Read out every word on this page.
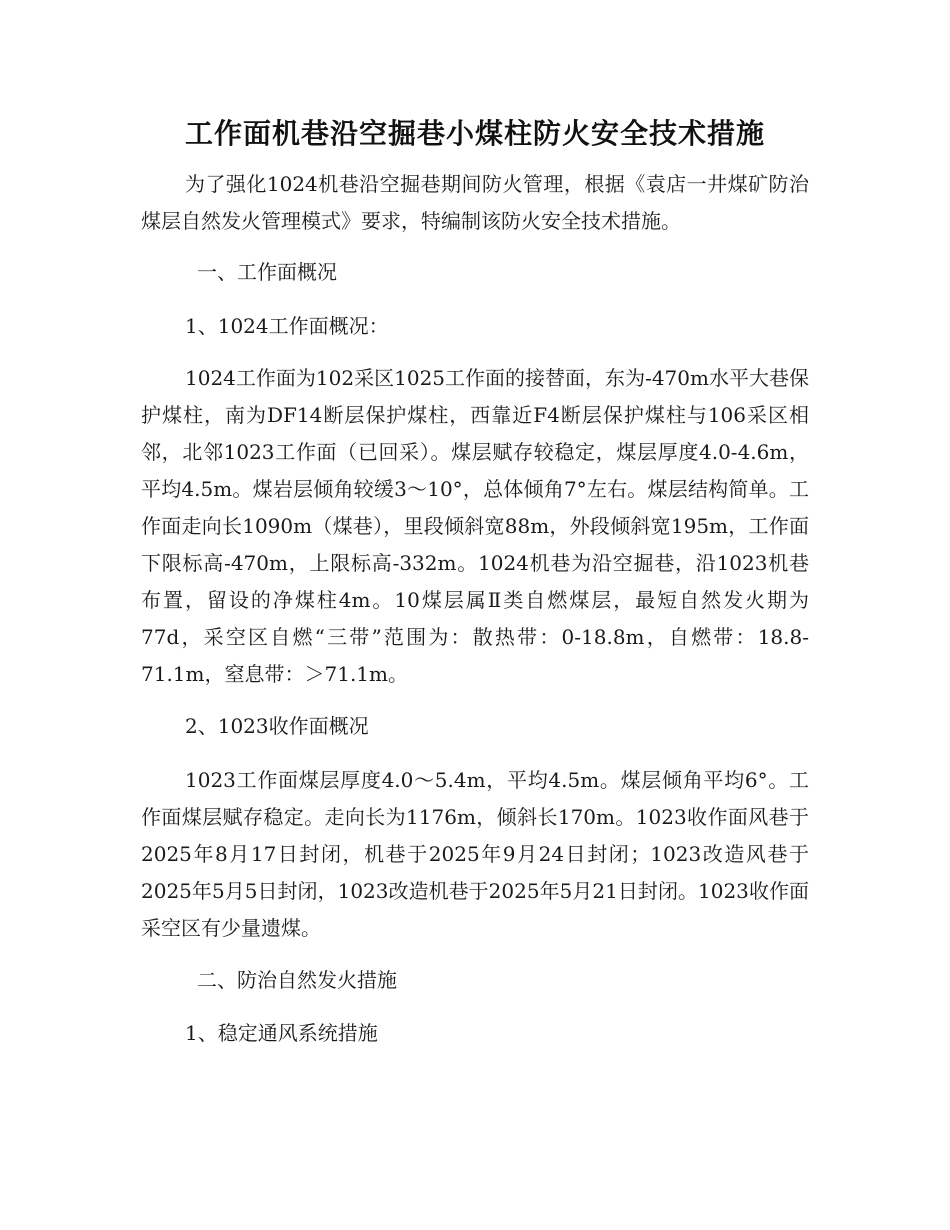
工作面机巷沿空掘巷小煤柱防火安全技术措施

为了强化1024机巷沿空掘巷期间防火管理，根据《袁店一井煤矿防治煤层自然发火管理模式》要求，特编制该防火安全技术措施。

一、工作面概况

1、1024工作面概况：

1024工作面为102采区1025工作面的接替面，东为-470m水平大巷保护煤柱，南为DF14断层保护煤柱，西靠近F4断层保护煤柱与106采区相邻，北邻1023工作面（已回采）。煤层赋存较稳定，煤层厚度4.0-4.6m，平均4.5m。煤岩层倾角较缓3～10°，总体倾角7°左右。煤层结构简单。工作面走向长1090m（煤巷），里段倾斜宽88m，外段倾斜宽195m，工作面下限标高-470m，上限标高-332m。1024机巷为沿空掘巷，沿1023机巷布置，留设的净煤柱4m。10煤层属Ⅱ类自燃煤层，最短自然发火期为77d，采空区自燃“三带”范围为：散热带：0-18.8m，自燃带：18.8-71.1m，窒息带：＞71.1m。

2、1023收作面概况

1023工作面煤层厚度4.0～5.4m，平均4.5m。煤层倾角平均6°。工作面煤层赋存稳定。走向长为1176m，倾斜长170m。1023收作面风巷于2025年8月17日封闭，机巷于2025年9月24日封闭；1023改造风巷于2025年5月5日封闭，1023改造机巷于2025年5月21日封闭。1023收作面采空区有少量遗煤。

二、防治自然发火措施

1、稳定通风系统措施
